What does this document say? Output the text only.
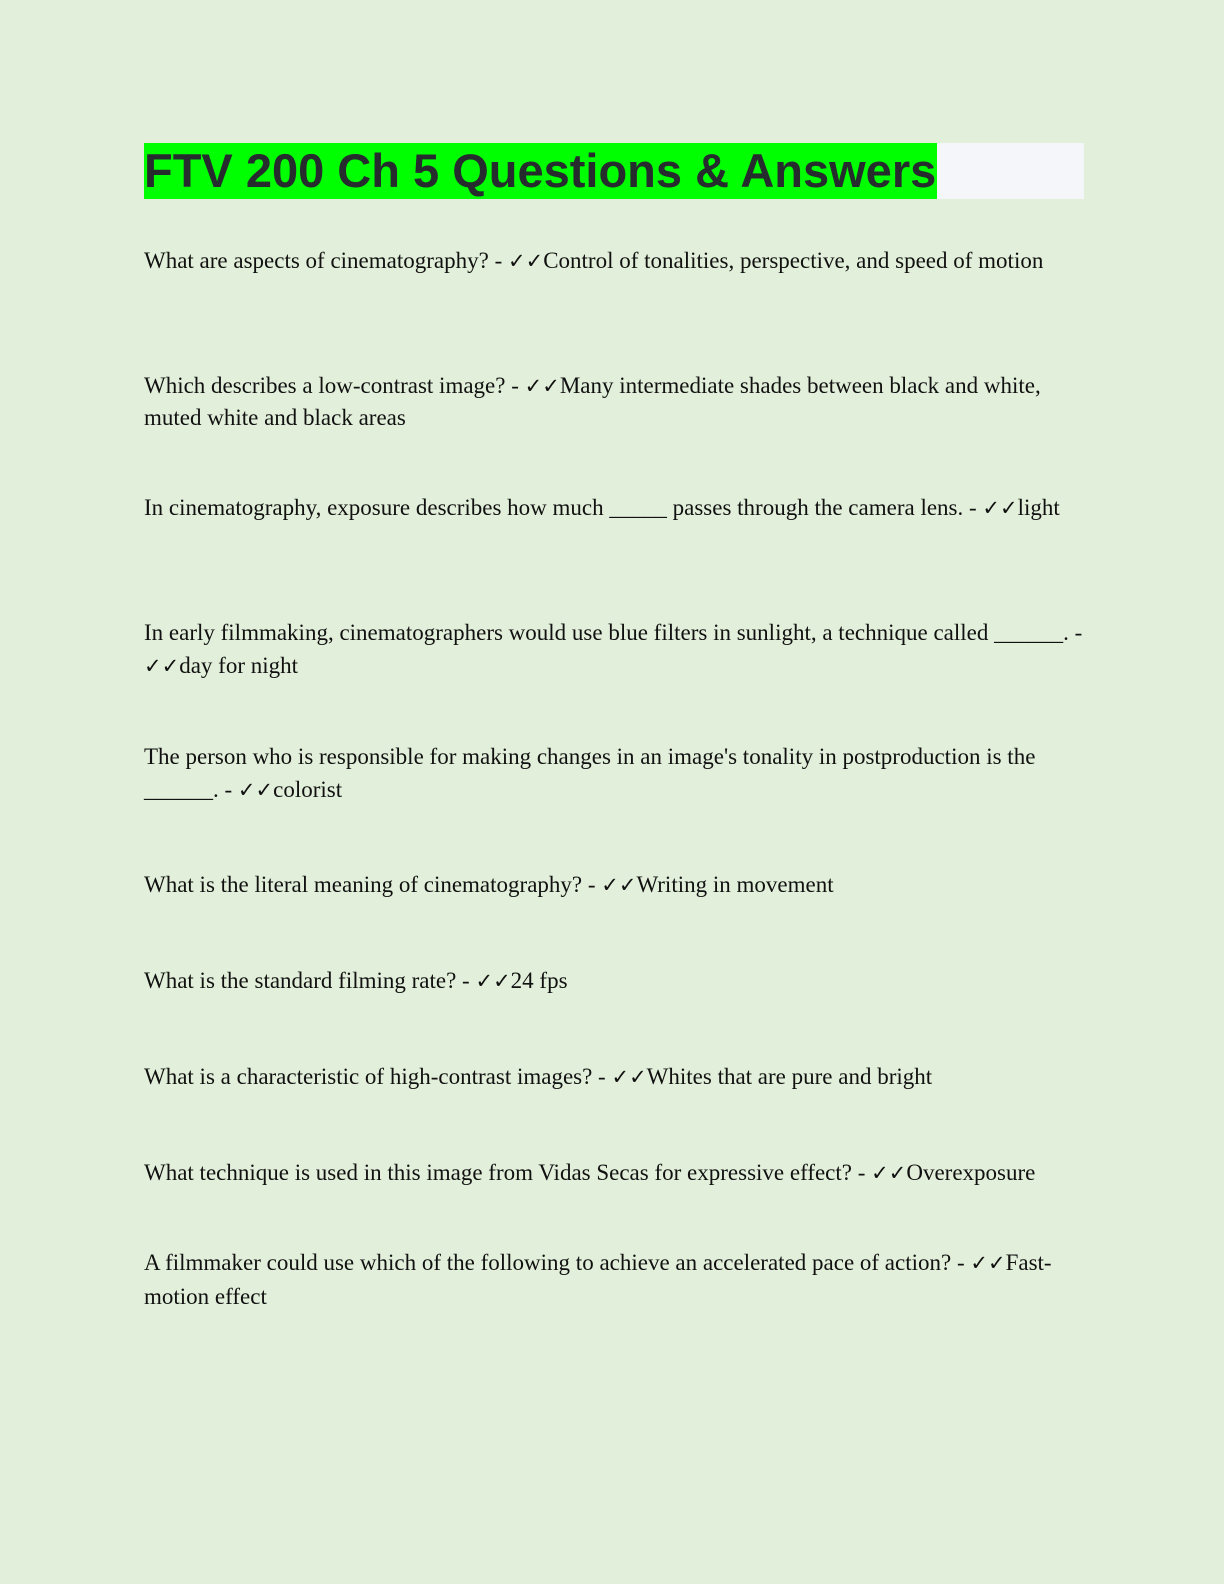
FTV 200 Ch 5 Questions & Answers

What are aspects of cinematography? - ✓✓Control of tonalities, perspective, and speed of motion

Which describes a low-contrast image? - ✓✓Many intermediate shades between black and white, muted white and black areas

In cinematography, exposure describes how much _____ passes through the camera lens. - ✓✓light

In early filmmaking, cinematographers would use blue filters in sunlight, a technique called ______. - ✓✓day for night

The person who is responsible for making changes in an image's tonality in postproduction is the ______. - ✓✓colorist

What is the literal meaning of cinematography? - ✓✓Writing in movement

What is the standard filming rate? - ✓✓24 fps

What is a characteristic of high-contrast images? - ✓✓Whites that are pure and bright

What technique is used in this image from Vidas Secas for expressive effect? - ✓✓Overexposure

A filmmaker could use which of the following to achieve an accelerated pace of action? - ✓✓Fast-motion effect
